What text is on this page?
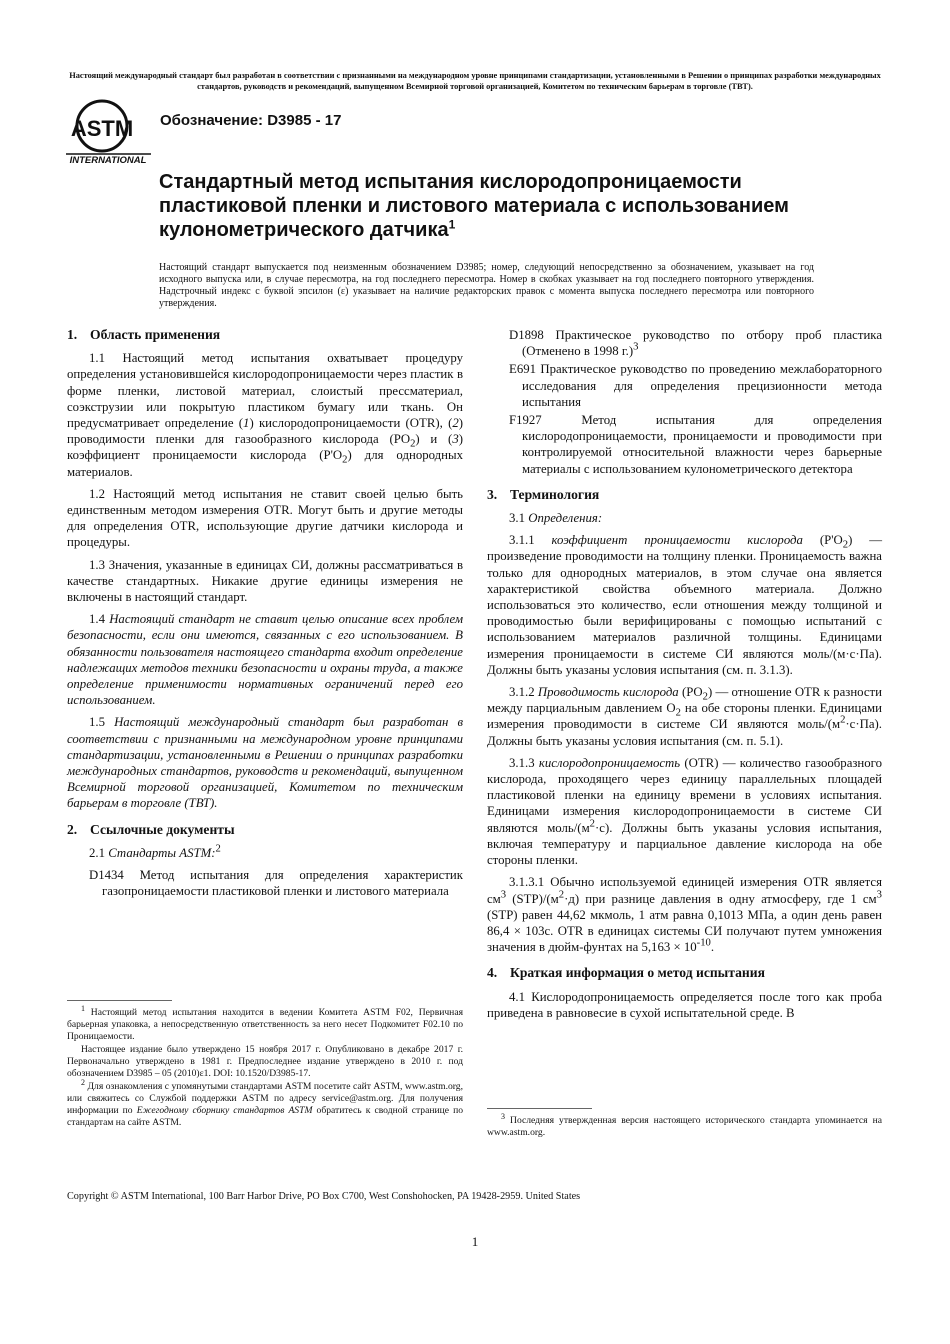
Настоящий международный стандарт был разработан в соответствии с признанными на международном уровне принципами стандартизации, установленными в Решении о принципах разработки международных стандартов, руководств и рекомендаций, выпущенном Всемирной торговой организацией, Комитетом по техническим барьерам в торговле (ТВТ).
ASTM
INTERNATIONAL
Обозначение: D3985 - 17
Стандартный метод испытания кислородопроницаемости пластиковой пленки и листового материала с использованием кулонометрического датчика$^1$
Настоящий стандарт выпускается под неизменным обозначением D3985; номер, следующий непосредственно за обозначением, указывает на год исходного выпуска или, в случае пересмотра, на год последнего пересмотра. Номер в скобках указывает на год последнего повторного утверждения. Надстрочный индекс с буквой эпсилон (ε) указывает на наличие редакторских правок с момента выпуска последнего пересмотра или повторного утверждения.
1. Область применения

1.1 Настоящий метод испытания охватывает процедуру определения установившейся кислородопроницаемости через пластик в форме пленки, листовой материал, слоистый прессматериал, соэкструзии или покрытую пластиком бумагу или ткань. Он предусматривает определение (1) кислородопроницаемости (OTR), (2) проводимости пленки для газообразного кислорода $(PO_2)$ и (3) коэффициент проницаемости кислорода $(P'O_2)$ для однородных материалов.

1.2 Настоящий метод испытания не ставит своей целью быть единственным методом измерения OTR. Могут быть и другие методы для определения OTR, использующие другие датчики кислорода и процедуры.

1.3 Значения, указанные в единицах СИ, должны рассматриваться в качестве стандартных. Никакие другие единицы измерения не включены в настоящий стандарт.

1.4 Настоящий стандарт не ставит целью описание всех проблем безопасности, если они имеются, связанных с его использованием. В обязанности пользователя настоящего стандарта входит определение надлежащих методов техники безопасности и охраны труда, а также определение применимости нормативных ограничений перед его использованием.

1.5 Настоящий международный стандарт был разработан в соответствии с признанными на международном уровне принципами стандартизации, установленными в Решении о принципах разработки международных стандартов, руководств и рекомендаций, выпущенном Всемирной торговой организацией, Комитетом по техническим барьерам в торговле (ТВТ).

2. Ссылочные документы

2.1 Стандарты ASTM:$^2$

D1434 Метод испытания для определения характеристик газопроницаемости пластиковой пленки и листового материала

$^1$ Настоящий метод испытания находится в ведении Комитета ASTM F02, Первичная барьерная упаковка, а непосредственную ответственность за него несет Подкомитет F02.10 по Проницаемости.

Настоящее издание было утверждено 15 ноября 2017 г. Опубликовано в декабре 2017 г. Первоначально утверждено в 1981 г. Предпоследнее издание утверждено в 2010 г. под обозначением D3985 – 05 (2010)ε1. DOI: 10.1520/D3985-17.

$^2$ Для ознакомления с упомянутыми стандартами ASTM посетите сайт ASTM, www.astm.org, или свяжитесь со Службой поддержки ASTM по адресу service@astm.org. Для получения информации по Ежегодному сборнику стандартов ASTM обратитесь к сводной странице по стандартам на сайте ASTM.

D1898 Практическое руководство по отбору проб пластика (Отменено в 1998 г.)$^3$

E691 Практическое руководство по проведению межлабораторного исследования для определения прецизионности метода испытания

F1927	Метод испытания для определения кислородопроницаемости, проницаемости и проводимости при контролируемой относительной влажности через барьерные материалы с использованием кулонометрического детектора

3. Терминология

3.1 Определения:

3.1.1 коэффициент проницаемости кислорода $(P'O_2)$ — произведение проводимости на толщину пленки. Проницаемость важна только для однородных материалов, в этом случае она является характеристикой свойства объемного материала. Должно использоваться это количество, если отношения между толщиной и проводимостью были верифицированы с помощью испытаний с использованием материалов различной толщины. Единицами измерения проницаемости в системе СИ являются моль/(м·с·Па). Должны быть указаны условия испытания (см. п. 3.1.3).

3.1.2 Проводимость кислорода $(PO_2)$ — отношение OTR к разности между парциальным давлением $O_2$ на обе стороны пленки. Единицами измерения проводимости в системе СИ являются моль/$(м^2\cdot с\cdot Па)$. Должны быть указаны условия испытания (см. п. 5.1).

3.1.3 кислородопроницаемость (OTR) — количество газообразного кислорода, проходящего через единицу параллельных площадей пластиковой пленки на единицу времени в условиях испытания. Единицами измерения кислородопроницаемости в системе СИ являются моль/$(м^2\cdot с)$. Должны быть указаны условия испытания, включая температуру и парциальное давление кислорода на обе стороны пленки.

3.1.3.1 Обычно используемой единицей измерения OTR является $см^3$ $(STP)/(м^2\cdot д)$ при разнице давления в одну атмосферу, где 1 $см^3$ (STP) равен 44,62 мкмоль, 1 атм равна 0,1013 МПа, а один день равен 86,4 × 103с. OTR в единицах системы СИ получают путем умножения значения в дюйм-фунтах на $5,163 \times 10^{-10}$.

4. Краткая информация о метод испытания

4.1 Кислородопроницаемость определяется после того как проба приведена в равновесие в сухой испытательной среде. В

$^3$ Последняя утвержденная версия настоящего исторического стандарта упоминается на www.astm.org.

Copyright © ASTM International, 100 Barr Harbor Drive, PO Box C700, West Conshohocken, PA 19428-2959. United States
1
